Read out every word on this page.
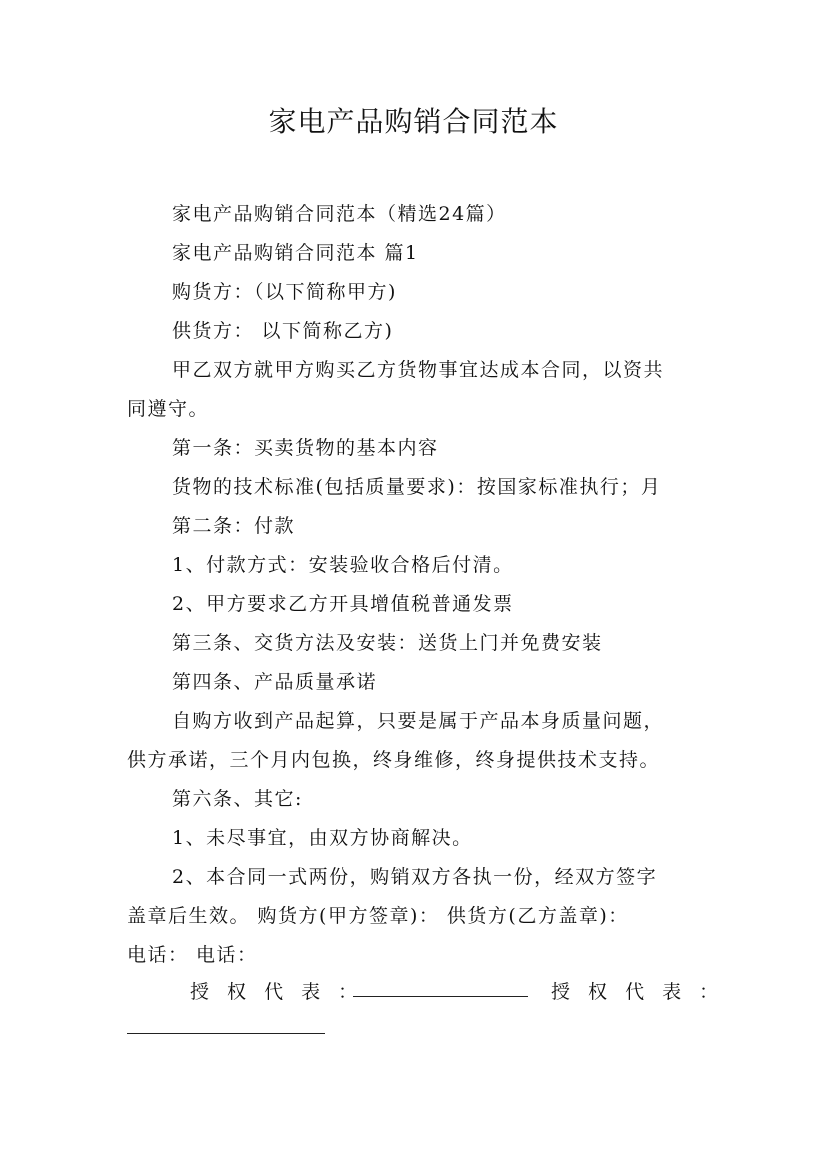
家电产品购销合同范本
家电产品购销合同范本（精选24篇）
家电产品购销合同范本 篇1
购货方：（以下简称甲方)
供货方： 以下简称乙方)
甲乙双方就甲方购买乙方货物事宜达成本合同，以资共
同遵守。
第一条：买卖货物的基本内容
货物的技术标准(包括质量要求)：按国家标准执行；月
第二条：付款
1、付款方式：安装验收合格后付清。
2、甲方要求乙方开具增值税普通发票
第三条、交货方法及安装：送货上门并免费安装
第四条、产品质量承诺
自购方收到产品起算，只要是属于产品本身质量问题，
供方承诺，三个月内包换，终身维修，终身提供技术支持。
第六条、其它:
1、未尽事宜，由双方协商解决。
2、本合同一式两份，购销双方各执一份，经双方签字
盖章后生效。 购货方(甲方签章)： 供货方(乙方盖章)：
电话： 电话：
授 权 代 表 ：	授 权 代 表 ：
